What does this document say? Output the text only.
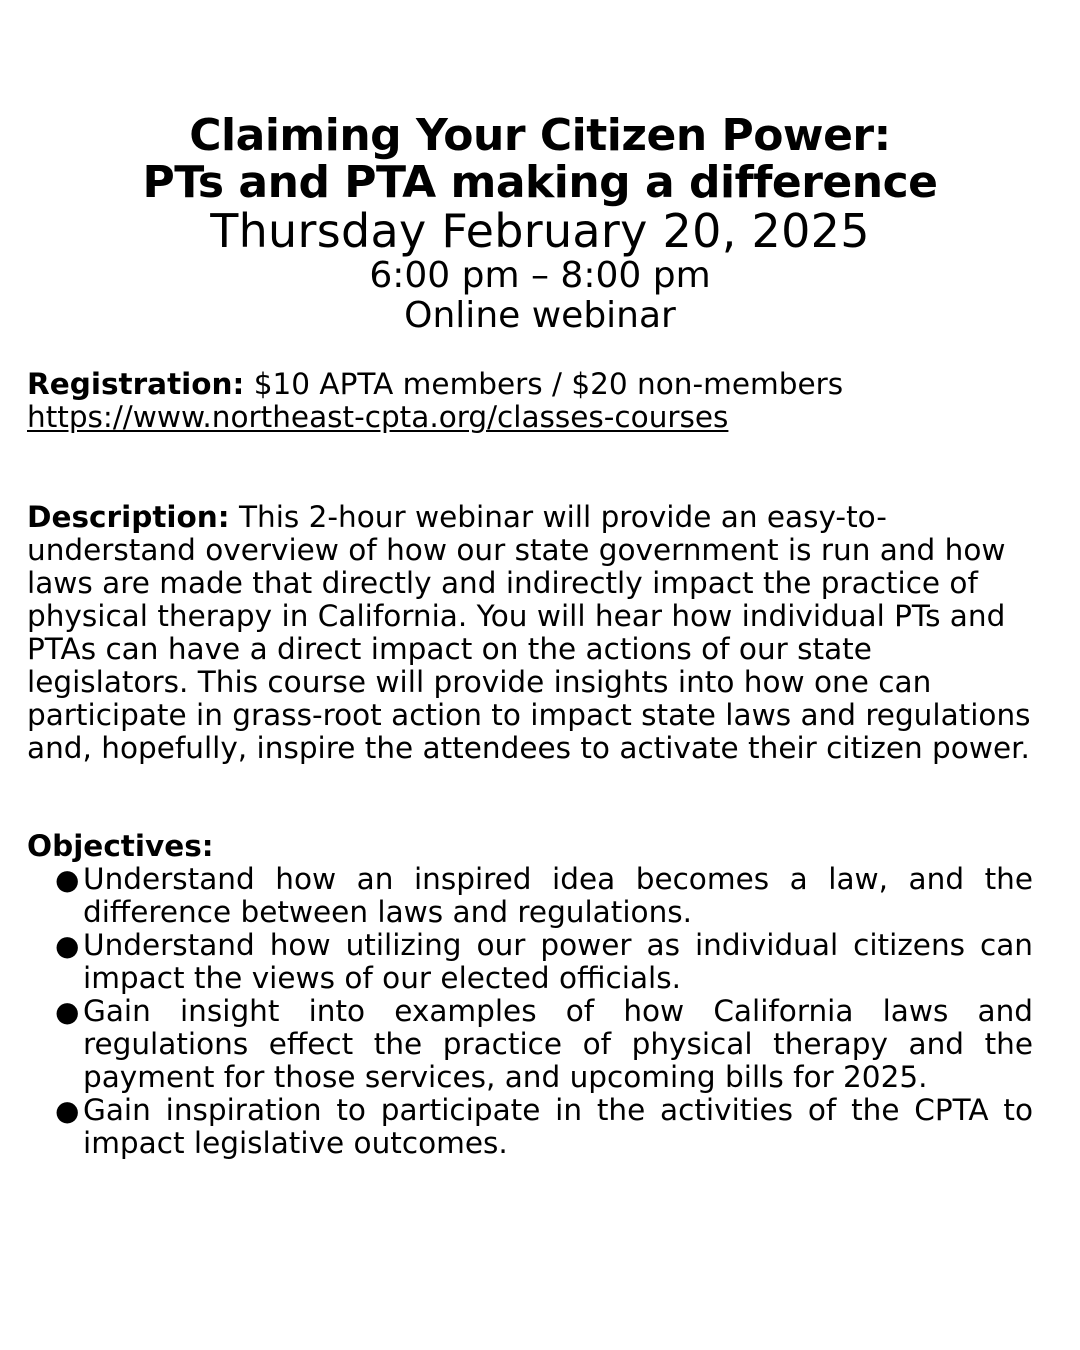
Claiming Your Citizen Power:
PTs and PTA making a difference
Thursday February 20, 2025
6:00 pm – 8:00 pm
Online webinar
Registration: $10 APTA members / $20 non-members
https://www.northeast-cpta.org/classes-courses
Description: This 2-hour webinar will provide an easy-to-understand overview of how our state government is run and how laws are made that directly and indirectly impact the practice of physical therapy in California. You will hear how individual PTs and PTAs can have a direct impact on the actions of our state legislators. This course will provide insights into how one can participate in grass-root action to impact state laws and regulations and, hopefully, inspire the attendees to activate their citizen power.
Objectives:
● Understand how an inspired idea becomes a law, and the difference between laws and regulations.
● Understand how utilizing our power as individual citizens can impact the views of our elected officials.
● Gain insight into examples of how California laws and regulations effect the practice of physical therapy and the payment for those services, and upcoming bills for 2025.
● Gain inspiration to participate in the activities of the CPTA to impact legislative outcomes.
